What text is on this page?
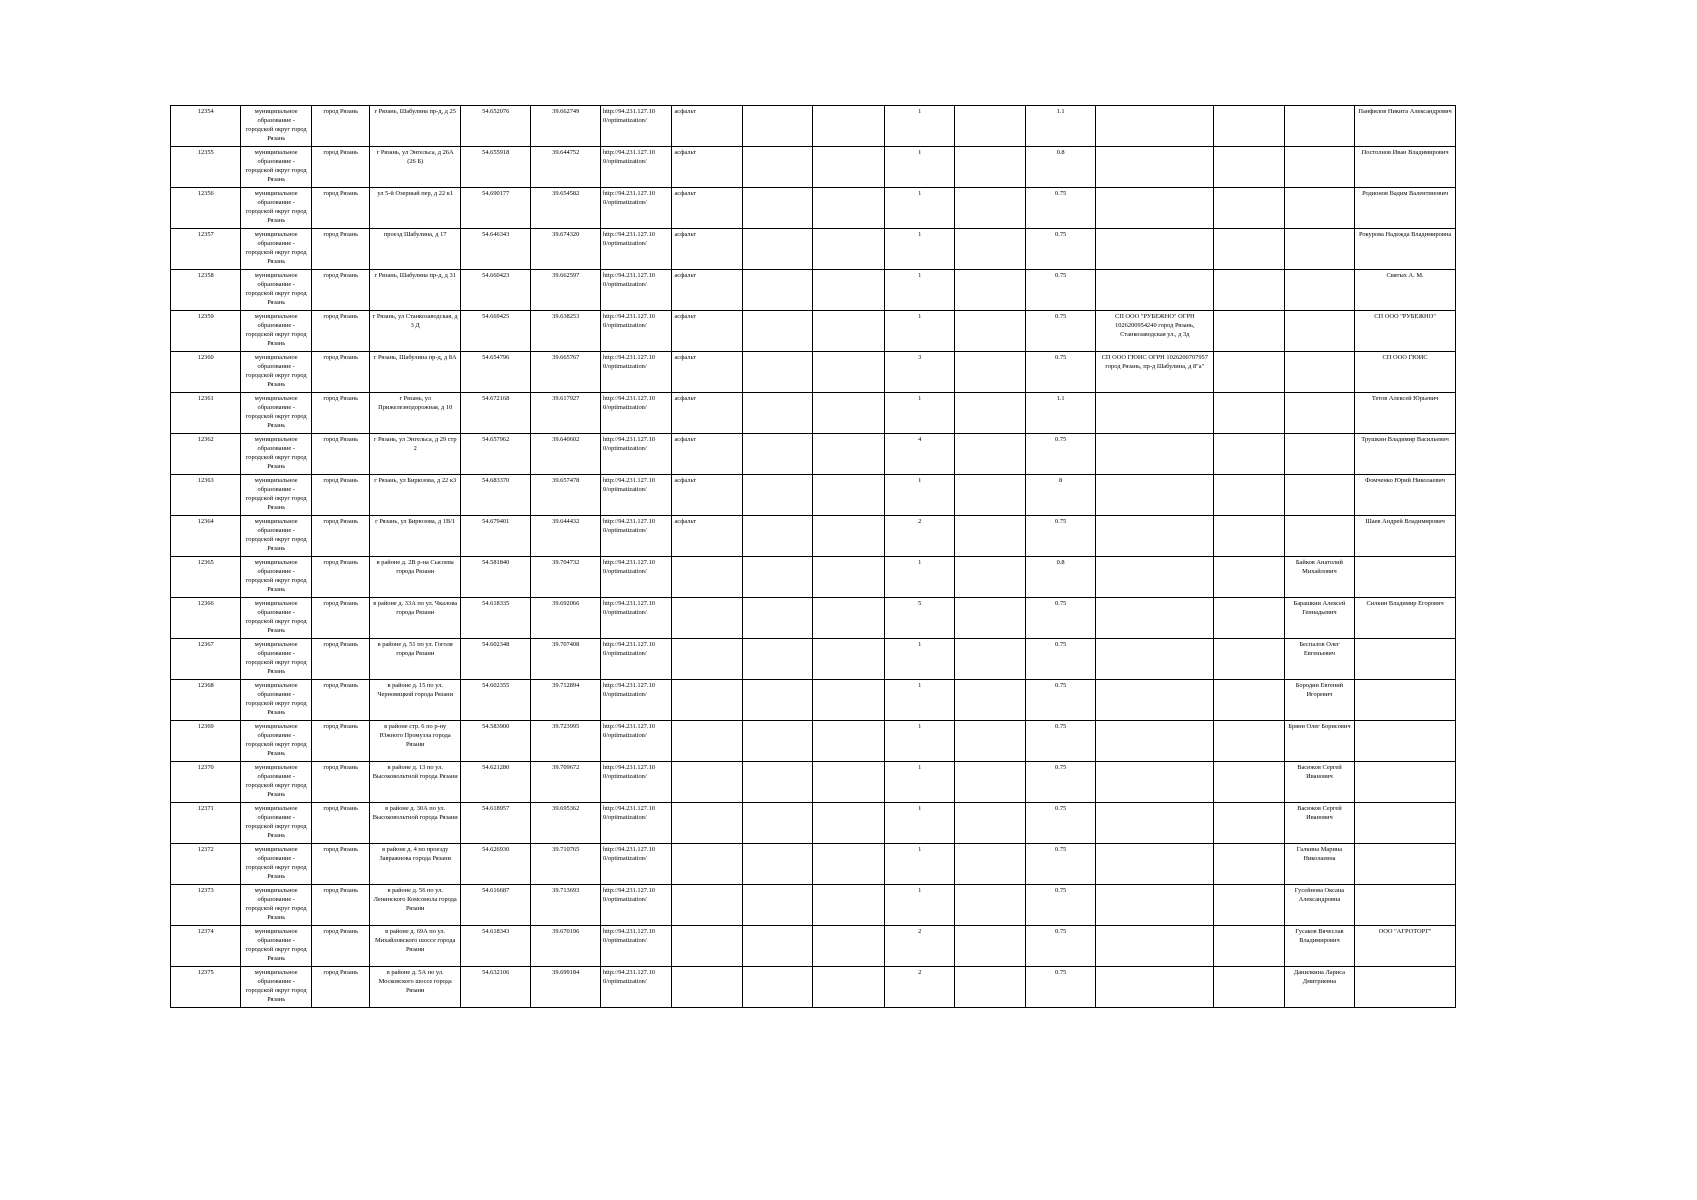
12354	муниципальное образование - городской округ город Рязань	город Рязань	г Рязань, Шабулина пр-д, д 25	54.652076	39.662749	http://94.231.127.10 0/optimatization/	асфальт			1		1.1				Панфилов Никита Александрович
12355	муниципальное образование - городской округ город Рязань	город Рязань	г Рязань, ул Энгельса, д 26А (26 Б)	54.655918	39.644752	http://94.231.127.10 0/optimatization/	асфальт			1		0.8				Постолнов Иван Владимирович
12356	муниципальное образование - городской округ город Рязань	город Рязань	ул 5-й Озерный пер, д 22 к1	54.690177	39.654582	http://94.231.127.10 0/optimatization/	асфальт			1		0.75				Родионов Вадим Валентинович
12357	муниципальное образование - городской округ город Рязань	город Рязань	проезд Шабулина, д 17	54.646343	39.674320	http://94.231.127.10 0/optimatization/	асфальт			1		0.75				Рокурова Надежда Владимировна
12358	муниципальное образование - городской округ город Рязань	город Рязань	г Рязань, Шабулина пр-д, д 31	54.660423	39.662597	http://94.231.127.10 0/optimatization/	асфальт			1		0.75				Святых А. М.
12359	муниципальное образование - городской округ город Рязань	город Рязань	г Рязань, ул Станкозаводская, д 3 Д	54.669425	39.638253	http://94.231.127.10 0/optimatization/	асфальт			1		0.75	СП ООО "РУБЕЖНО" ОГРН 1026200954240 город Рязань, Станкозаводская ул., д 3д			СП ООО "РУБЕЖНО"
12360	муниципальное образование - городской округ город Рязань	город Рязань	г Рязань, Шабулина пр-д, д 8А	54.654796	39.665767	http://94.231.127.10 0/optimatization/	асфальт			3		0.75	СП ООО ГЮИС ОГРН 1026200707957 город Рязань, пр-д Шабулина, д 8"а"			СП ООО ГЮИС
12361	муниципальное образование - городской округ город Рязань	город Рязань	г Рязань, ул Прижелезнодорожная, д 10	54.672168	39.617927	http://94.231.127.10 0/optimatization/	асфальт			1		1.1				Тетов Алексей Юрьевич
12362	муниципальное образование - городской округ город Рязань	город Рязань	г Рязань, ул Энгельса, д 29 стр 2	54.657962	39.640602	http://94.231.127.10 0/optimatization/	асфальт			4		0.75				Трушкин Владимир Васильевич
12363	муниципальное образование - городской округ город Рязань	город Рязань	г Рязань, ул Бирюзова, д 22 к3	54.683370	39.657478	http://94.231.127.10 0/optimatization/	асфальт			1		8				Фомченко Юрий Николаевич
12364	муниципальное образование - городской округ город Рязань	город Рязань	г Рязань, ул Бирюзова, д 1В/1	54.679401	39.644432	http://94.231.127.10 0/optimatization/	асфальт			2		0.75				Шаев Андрей Владимирович
12365	муниципальное образование - городской округ город Рязань	город Рязань	в районе д. 2В р-на Сысоева города Рязани	54.581840	39.704732	http://94.231.127.10 0/optimatization/				1		0.8			Байков Анатолий Михайлович	
12366	муниципальное образование - городской округ город Рязань	город Рязань	в районе д. 33А по ул. Чкалова города Рязани	54.618335	39.692066	http://94.231.127.10 0/optimatization/				5		0.75			Барашкин Алексей Геннадьевич	Силкин Владимир Егорович
12367	муниципальное образование - городской округ город Рязань	город Рязань	в районе д. 51 по ул. Гоголя города Рязани	54.602348	39.707408	http://94.231.127.10 0/optimatization/				1		0.75			Беспалов Олег Евгеньевич	
12368	муниципальное образование - городской округ город Рязань	город Рязань	в районе д. 15 по ул. Черновицкой города Рязани	54.602355	39.712894	http://94.231.127.10 0/optimatization/				1		0.75			Бородин Евгений Игоревич	
12369	муниципальное образование - городской округ город Рязань	город Рязань	в районе стр. 6 по р-ну Южного Промузла города Рязани	54.583900	39.723995	http://94.231.127.10 0/optimatization/				1		0.75			Брянн Олег Борисович	
12370	муниципальное образование - городской округ город Рязань	город Рязань	в районе д. 13 по ул. Высоковольтной города Рязани	54.621280	39.709672	http://94.231.127.10 0/optimatization/				1		0.75			Васюков Сергей Иванович	
12371	муниципальное образование - городской округ город Рязань	город Рязань	в районе д. 30А по ул. Высоковольтной города Рязани	54.618957	39.695362	http://94.231.127.10 0/optimatization/				1		0.75			Васюков Сергей Иванович	
12372	муниципальное образование - городской округ город Рязань	город Рязань	в районе д. 4 по проезду Завражнова города Рязани	54.626930	39.710765	http://94.231.127.10 0/optimatization/				1		0.75			Галкина Марина Николаевна	
12373	муниципальное образование - городской округ город Рязань	город Рязань	в районе д. 56 по ул. Ленинского Комсомола города Рязани	54.616687	39.713693	http://94.231.127.10 0/optimatization/				1		0.75			Гусейнова Оксана Александровна	
12374	муниципальное образование - городской округ город Рязань	город Рязань	в районе д. 69А по ул. Михайловского шоссе города Рязани	54.618343	39.670196	http://94.231.127.10 0/optimatization/				2		0.75			Гусаков Вячеслав Владимирович	ООО "АГРОТОРГ"
12375	муниципальное образование - городской округ город Рязань	город Рязань	в районе д. 5А по ул. Московского шоссе города Рязани	54.632106	39.699184	http://94.231.127.10 0/optimatization/				2		0.75			Данилкина Лариса Дмитриевна	
